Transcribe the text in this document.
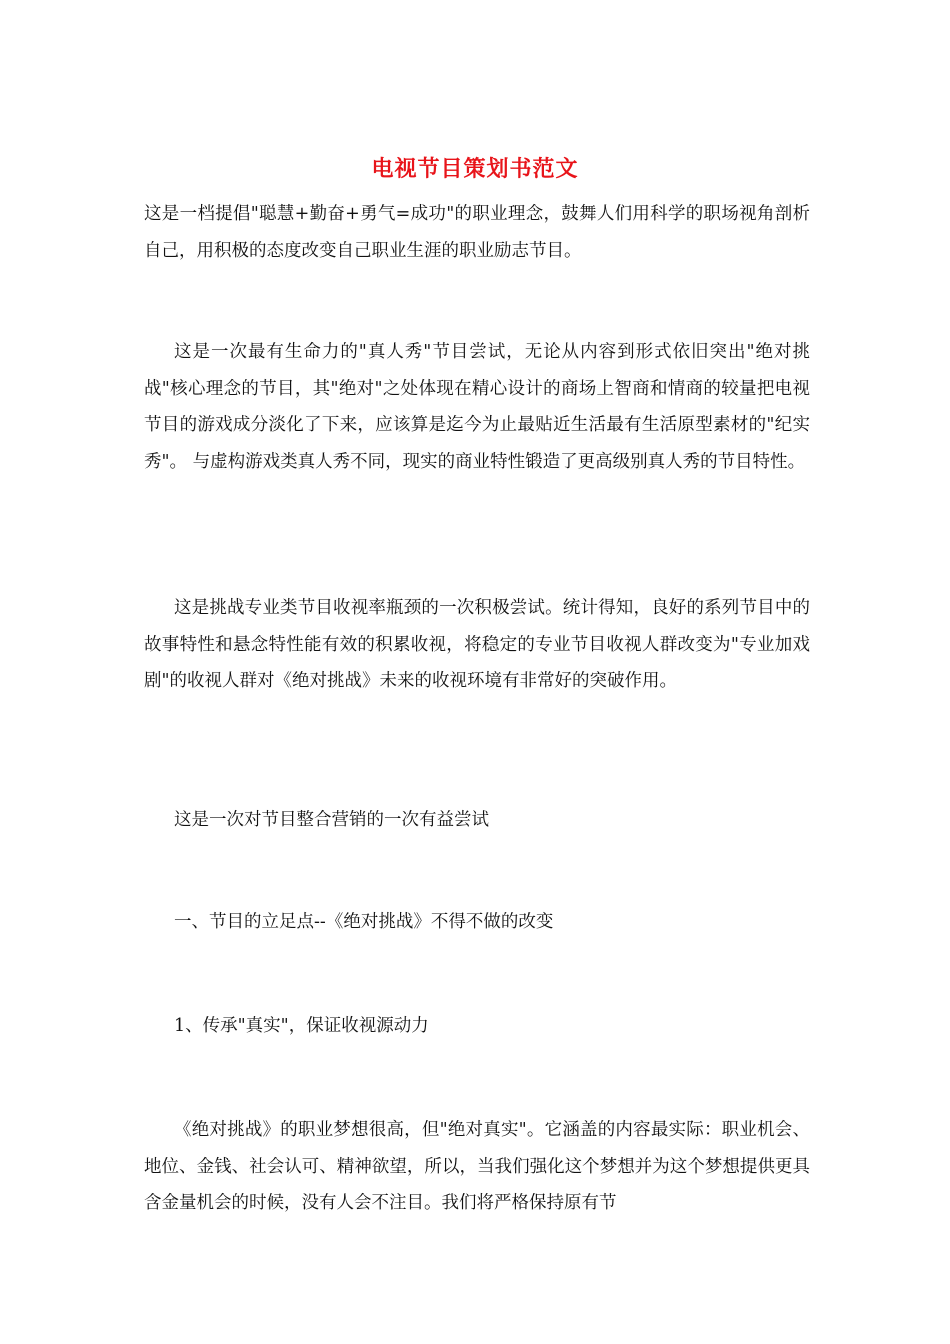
电视节目策划书范文

这是一档提倡"聪慧+勤奋+勇气=成功"的职业理念，鼓舞人们用科学的职场视角剖析自己，用积极的态度改变自己职业生涯的职业励志节目。

这是一次最有生命力的"真人秀"节目尝试，无论从内容到形式依旧突出"绝对挑战"核心理念的节目，其"绝对"之处体现在精心设计的商场上智商和情商的较量把电视节目的游戏成分淡化了下来，应该算是迄今为止最贴近生活最有生活原型素材的"纪实秀"。 与虚构游戏类真人秀不同，现实的商业特性锻造了更高级别真人秀的节目特性。

这是挑战专业类节目收视率瓶颈的一次积极尝试。统计得知，良好的系列节目中的故事特性和悬念特性能有效的积累收视，将稳定的专业节目收视人群改变为"专业加戏剧"的收视人群对《绝对挑战》未来的收视环境有非常好的突破作用。

这是一次对节目整合营销的一次有益尝试

一、节目的立足点--《绝对挑战》不得不做的改变

1、传承"真实"，保证收视源动力

《绝对挑战》的职业梦想很高，但"绝对真实"。它涵盖的内容最实际：职业机会、地位、金钱、社会认可、精神欲望，所以，当我们强化这个梦想并为这个梦想提供更具含金量机会的时候，没有人会不注目。我们将严格保持原有节
